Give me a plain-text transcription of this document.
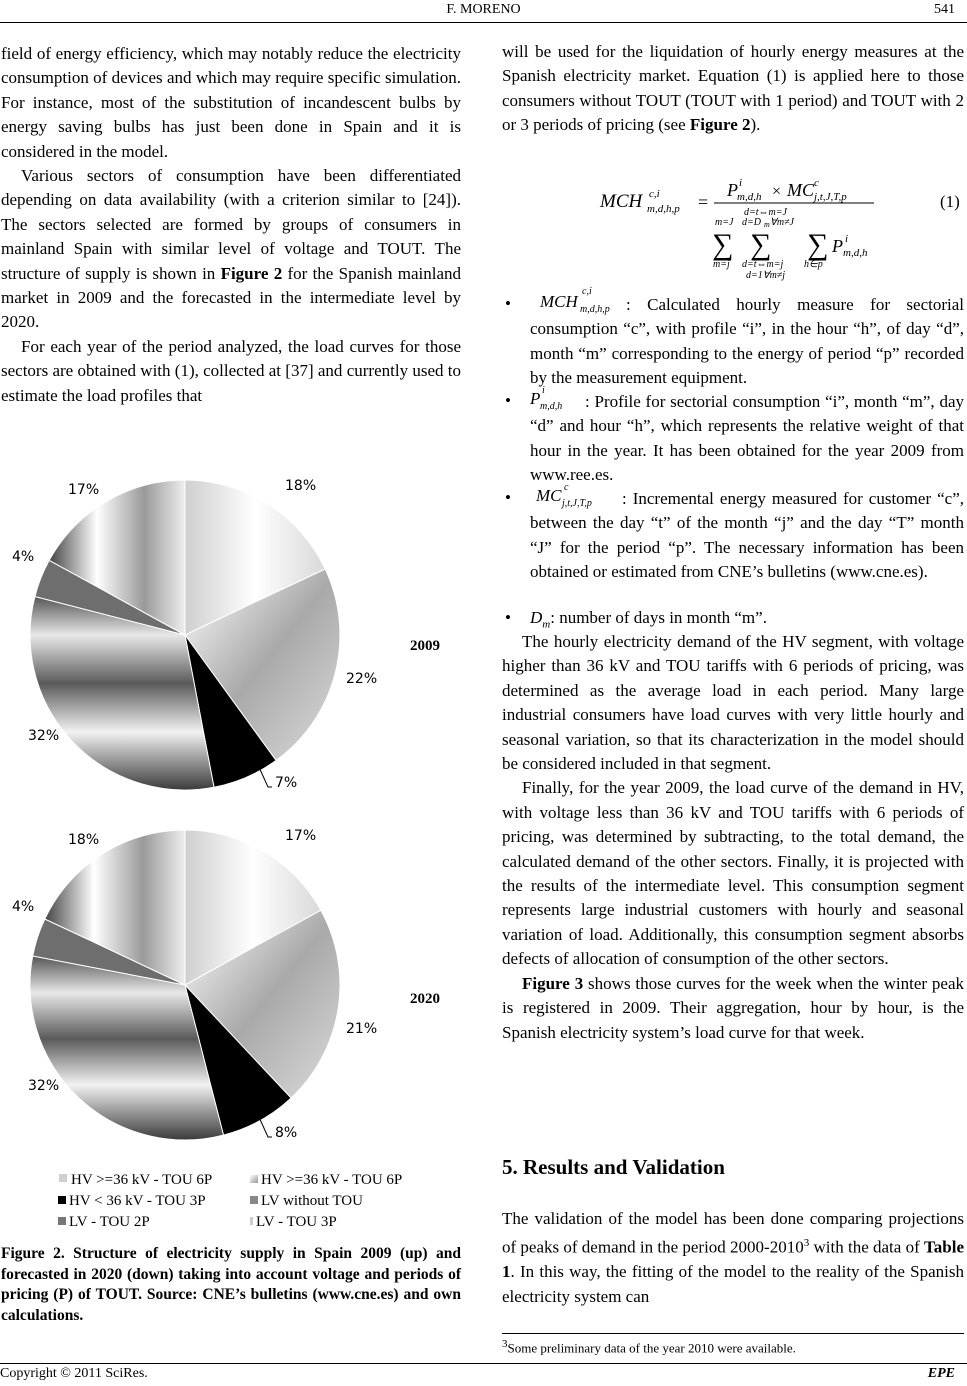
F. MORENO	541

field of energy efficiency, which may notably reduce the electricity consumption of devices and which may require specific simulation. For instance, most of the substitution of incandescent bulbs by energy saving bulbs has just been done in Spain and it is considered in the model.

Various sectors of consumption have been differentiated depending on data availability (with a criterion similar to [24]). The sectors selected are formed by groups of consumers in mainland Spain with similar level of voltage and TOUT. The structure of supply is shown in Figure 2 for the Spanish mainland market in 2009 and the forecasted in the intermediate level by 2020.

For each year of the period analyzed, the load curves for those sectors are obtained with (1), collected at [37] and currently used to estimate the load profiles that

18%
22%
7%
32%
4%
17%
2009
17%
21%
8%
32%
4%
18%
2020
HV >=36 kV - TOU 6P	HV >=36 kV - TOU 6P
HV < 36 kV - TOU 3P	LV without TOU
LV - TOU 2P	LV - TOU 3P
Figure 2. Structure of electricity supply in Spain 2009 (up) and forecasted in 2020 (down) taking into account voltage and periods of pricing (P) of TOUT. Source: CNE’s bulletins (www.cne.es) and own calculations.

will be used for the liquidation of hourly energy measures at the Spanish electricity market. Equation (1) is applied here to those consumers without TOUT (TOUT with 1 period) and TOUT with 2 or 3 periods of pricing (see Figure 2).

MCH c,i
m,d,h,p =
P i
m,d,h × MC c
j,t,J,T,p
d=t⇔m=J
d=D m ∀m≠J
m=J
∑ ∑ ∑ P i
m,d,h
m=j d=t⇔m=j
d=1∀m≠j
h∈p
(1)
• MCH
c,i
m,d,h,p : Calculated hourly measure for sectorial consumption “c”, with profile “i”, in the hour “h”, of day “d”, month “m” corresponding to the energy of period “p” recorded by the measurement equipment.
• P i
m,d,h : Profile for sectorial consumption “i”, month “m”, day “d” and hour “h”, which represents the relative weight of that hour in the year. It has been obtained for the year 2009 from www.ree.es.
• MC c
j,t,J,T,p : Incremental energy measured for customer “c”, between the day “t” of the month “j” and the day “T” month “J” for the period “p”. The necessary information has been obtained or estimated from CNE’s bulletins (www.cne.es).
• $D_m$: number of days in month “m”.

The hourly electricity demand of the HV segment, with voltage higher than 36 kV and TOU tariffs with 6 periods of pricing, was determined as the average load in each period. Many large industrial consumers have load curves with very little hourly and seasonal variation, so that its characterization in the model should be considered included in that segment.

Finally, for the year 2009, the load curve of the demand in HV, with voltage less than 36 kV and TOU tariffs with 6 periods of pricing, was determined by subtracting, to the total demand, the calculated demand of the other sectors. Finally, it is projected with the results of the intermediate level. This consumption segment represents large industrial customers with hourly and seasonal variation of load. Additionally, this consumption segment absorbs defects of allocation of consumption of the other sectors.

Figure 3 shows those curves for the week when the winter peak is registered in 2009. Their aggregation, hour by hour, is the Spanish electricity system’s load curve for that week.

5. Results and Validation

The validation of the model has been done comparing projections of peaks of demand in the period 2000-2010$^3$ with the data of Table 1. In this way, the fitting of the model to the reality of the Spanish electricity system can

$^3$Some preliminary data of the year 2010 were available.
Copyright © 2011 SciRes.	EPE
